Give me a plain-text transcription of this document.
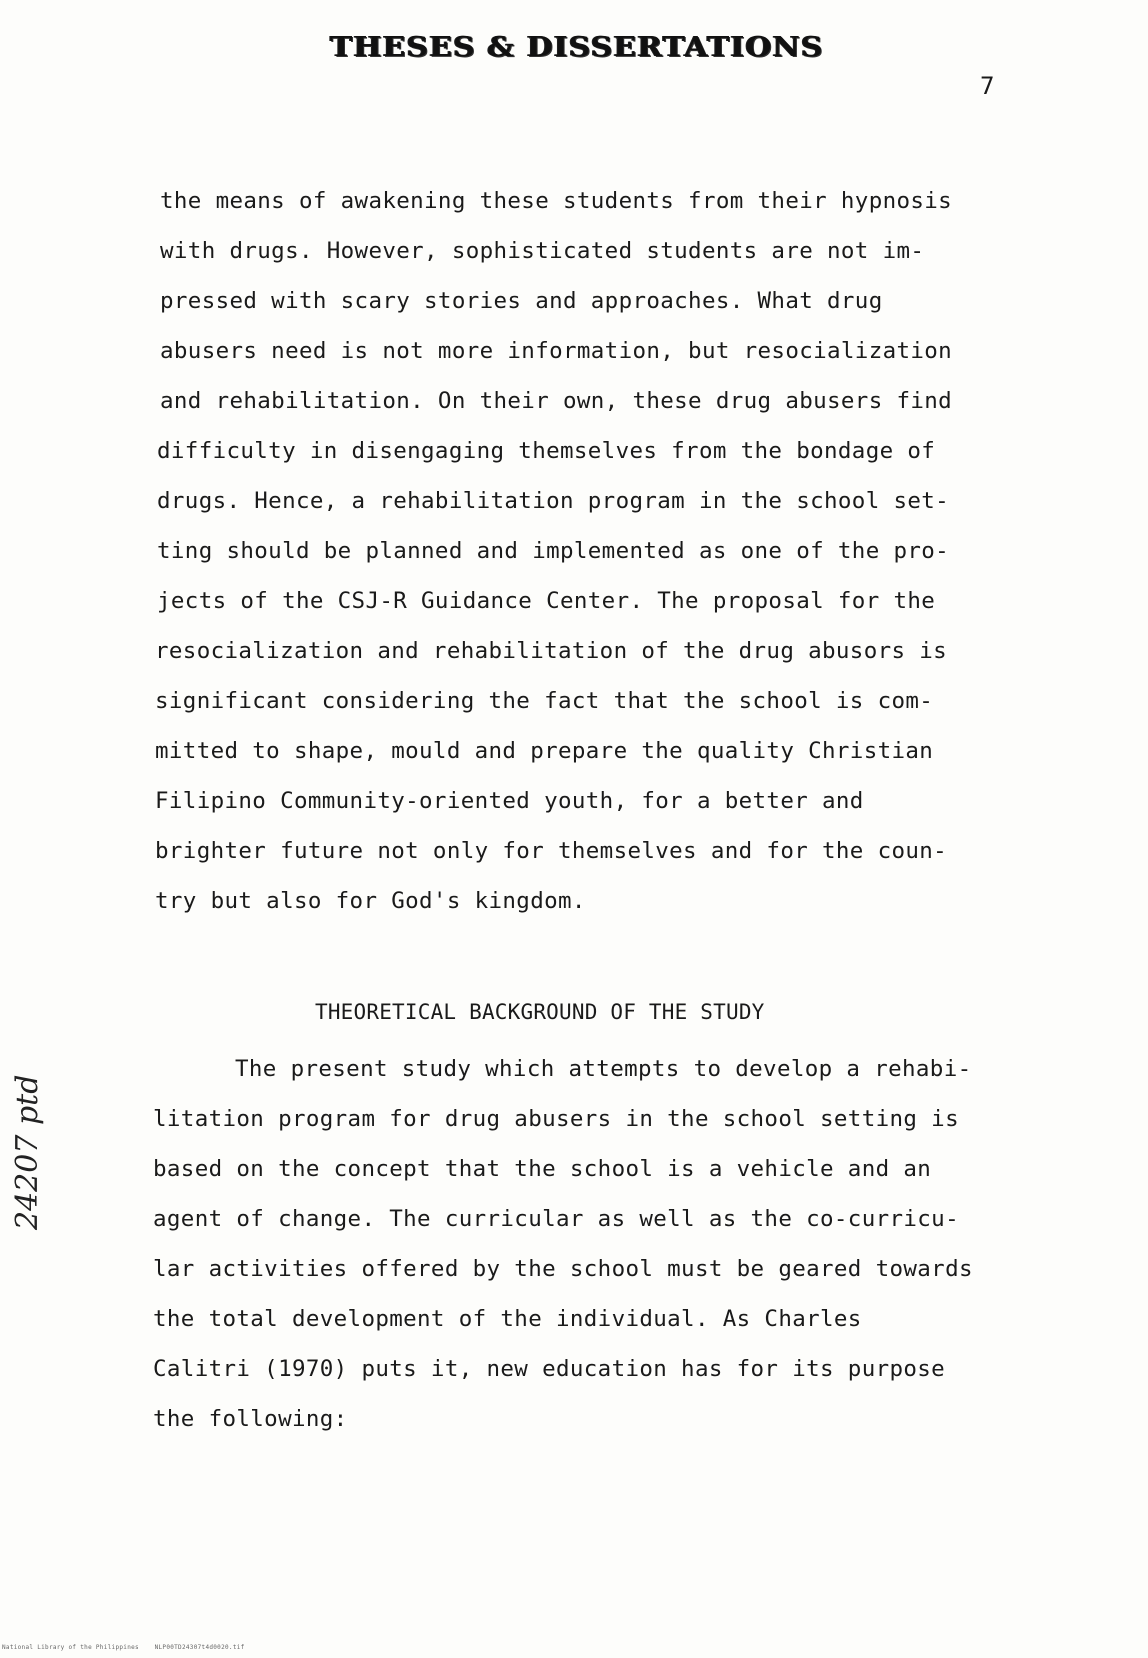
THESES & DISSERTATIONS
7
the means of awakening these students from their hypnosis
with drugs. However, sophisticated students are not im-
pressed with scary stories and approaches. What drug
abusers need is not more information, but resocialization
and rehabilitation. On their own, these drug abusers find
difficulty in disengaging themselves from the bondage of
drugs. Hence, a rehabilitation program in the school set-
ting should be planned and implemented as one of the pro-
jects of the CSJ-R Guidance Center. The proposal for the
resocialization and rehabilitation of the drug abusors is
significant considering the fact that the school is com-
mitted to shape, mould and prepare the quality Christian
Filipino Community-oriented youth, for a better and
brighter future not only for themselves and for the coun-
try but also for God's kingdom.
THEORETICAL BACKGROUND OF THE STUDY
The present study which attempts to develop a rehabi-
litation program for drug abusers in the school setting is
based on the concept that the school is a vehicle and an
agent of change. The curricular as well as the co-curricu-
lar activities offered by the school must be geared towards
the total development of the individual. As Charles
Calitri (1970) puts it, new education has for its purpose
the following:
24207 ptd
National Library of the Philippines    NLP00TD24307t4d0020.tif
